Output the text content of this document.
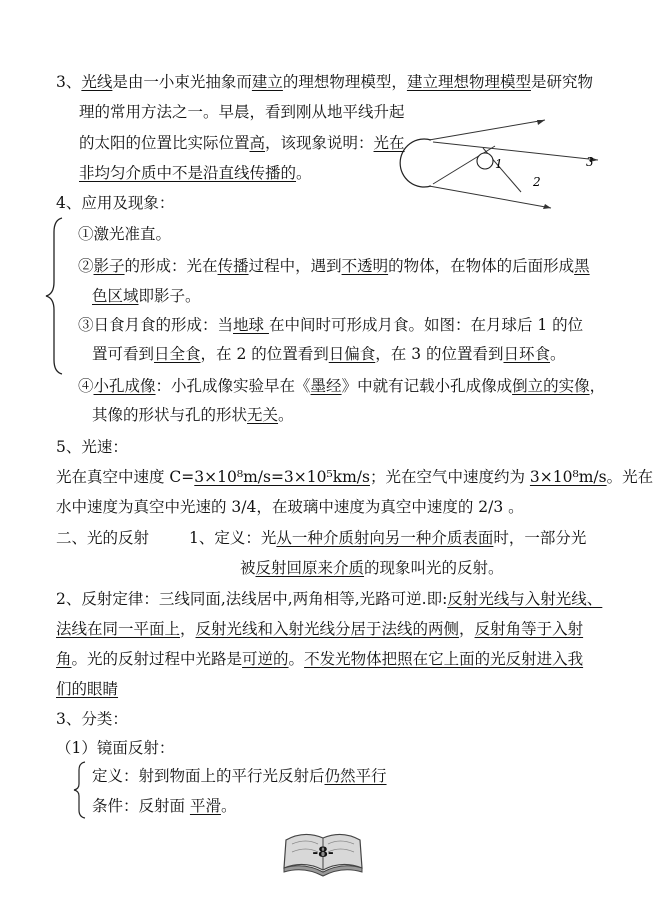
3、光线是由一小束光抽象而建立的理想物理模型，建立理想物理模型是研究物
理的常用方法之一。早晨，看到刚从地平线升起
的太阳的位置比实际位置高，该现象说明：光在
非均匀介质中不是沿直线传播的。	1
2
3
4、应用及现象：
①激光准直。
②影子的形成：光在传播过程中，遇到不透明的物体，在物体的后面形成黑
色区域即影子。
③日食月食的形成：当地球 在中间时可形成月食。如图：在月球后 1 的位
置可看到日全食，在 2 的位置看到日偏食，在 3 的位置看到日环食。
④小孔成像：小孔成像实验早在《墨经》中就有记载小孔成像成倒立的实像，
其像的形状与孔的形状无关。
5、光速：
光在真空中速度 C=3×10⁸m/s=3×10⁵km/s；光在空气中速度约为 3×10⁸m/s。光在
水中速度为真空中光速的 3/4，在玻璃中速度为真空中速度的 2/3 。
二、光的反射	1、定义：光从一种介质射向另一种介质表面时，一部分光
被反射回原来介质的现象叫光的反射。
2、反射定律：三线同面,法线居中,两角相等,光路可逆.即:反射光线与入射光线、
法线在同一平面上，反射光线和入射光线分居于法线的两侧，反射角等于入射
角。光的反射过程中光路是可逆的。不发光物体把照在它上面的光反射进入我
们的眼睛
3、分类：
（1）镜面反射：
定义：射到物面上的平行光反射后仍然平行
条件：反射面 平滑。
-8-
